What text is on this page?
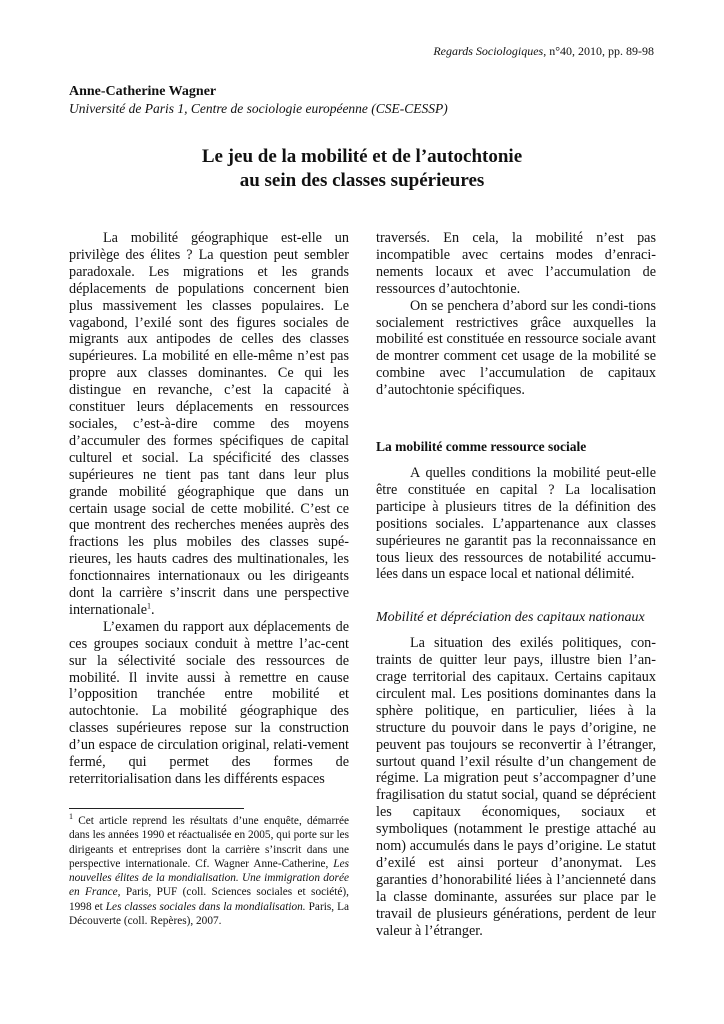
Regards Sociologiques, n°40, 2010, pp. 89-98
Anne-Catherine Wagner
Université de Paris 1, Centre de sociologie européenne (CSE-CESSP)
Le jeu de la mobilité et de l’autochtonie
au sein des classes supérieures

La mobilité géographique est-elle un privilège des élites ? La question peut sembler paradoxale. Les migrations et les grands déplacements de populations concernent bien plus massivement les classes populaires. Le vagabond, l’exilé sont des figures sociales de migrants aux antipodes de celles des classes supérieures. La mobilité en elle-même n’est pas propre aux classes dominantes. Ce qui les distingue en revanche, c’est la capacité à constituer leurs déplacements en ressources sociales, c’est-à-dire comme des moyens d’accumuler des formes spécifiques de capital culturel et social. La spécificité des classes supérieures ne tient pas tant dans leur plus grande mobilité géographique que dans un certain usage social de cette mobilité. C’est ce que montrent des recherches menées auprès des fractions les plus mobiles des classes supé-rieures, les hauts cadres des multinationales, les fonctionnaires internationaux ou les dirigeants dont la carrière s’inscrit dans une perspective internationale$^1$.

L’examen du rapport aux déplacements de ces groupes sociaux conduit à mettre l’ac-cent sur la sélectivité sociale des ressources de mobilité. Il invite aussi à remettre en cause l’opposition tranchée entre mobilité et autochtonie. La mobilité géographique des classes supérieures repose sur la construction d’un espace de circulation original, relati-vement fermé, qui permet des formes de reterritorialisation dans les différents espaces

traversés. En cela, la mobilité n’est pas incompatible avec certains modes d’enraci-nements locaux et avec l’accumulation de ressources d’autochtonie.

On se penchera d’abord sur les condi-tions socialement restrictives grâce auxquelles la mobilité est constituée en ressource sociale avant de montrer comment cet usage de la mobilité se combine avec l’accumulation de capitaux d’autochtonie spécifiques.

La mobilité comme ressource sociale

A quelles conditions la mobilité peut-elle être constituée en capital ? La localisation participe à plusieurs titres de la définition des positions sociales. L’appartenance aux classes supérieures ne garantit pas la reconnaissance en tous lieux des ressources de notabilité accumu-lées dans un espace local et national délimité.

Mobilité et dépréciation des capitaux nationaux

La situation des exilés politiques, con-traints de quitter leur pays, illustre bien l’an-crage territorial des capitaux. Certains capitaux circulent mal. Les positions dominantes dans la sphère politique, en particulier, liées à la structure du pouvoir dans le pays d’origine, ne peuvent pas toujours se reconvertir à l’étranger, surtout quand l’exil résulte d’un changement de régime. La migration peut s’accompagner d’une fragilisation du statut social, quand se déprécient les capitaux économiques, sociaux et symboliques (notamment le prestige attaché au nom) accumulés dans le pays d’origine. Le statut d’exilé est ainsi porteur d’anonymat. Les garanties d’honorabilité liées à l’ancienneté dans la classe dominante, assurées sur place par le travail de plusieurs générations, perdent de leur valeur à l’étranger.

$^1$ Cet article reprend les résultats d’une enquête, démarrée dans les années 1990 et réactualisée en 2005, qui porte sur les dirigeants et entreprises dont la carrière s’inscrit dans une perspective internationale. Cf. Wagner Anne-Catherine, Les nouvelles élites de la mondialisation. Une immigration dorée en France, Paris, PUF (coll. Sciences sociales et société), 1998 et Les classes sociales dans la mondialisation. Paris, La Découverte (coll. Repères), 2007.
